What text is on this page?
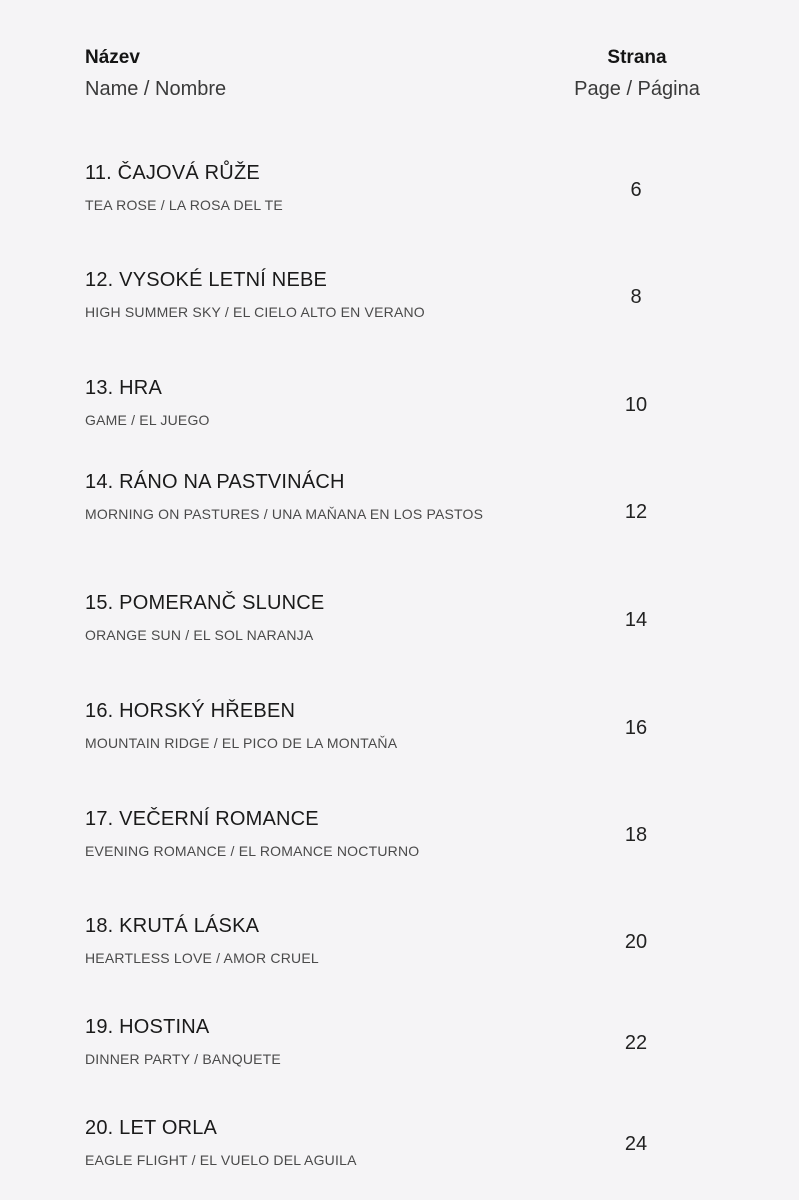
Název
Name / Nombre
Strana
Page / Página
11. ČAJOVÁ RŮŽE
TEA ROSE / LA ROSA DEL TE
6
12. VYSOKÉ LETNÍ NEBE
HIGH SUMMER SKY / EL CIELO ALTO EN VERANO
8
13. HRA
GAME / EL JUEGO
10
14. RÁNO NA PASTVINÁCH
MORNING ON PASTURES / UNA MAŇANA EN LOS PASTOS	12
15. POMERANČ SLUNCE
ORANGE SUN / EL SOL NARANJA
14
16. HORSKÝ HŘEBEN
MOUNTAIN RIDGE / EL PICO DE LA MONTAŇA
16
17. VEČERNÍ ROMANCE
EVENING ROMANCE / EL ROMANCE NOCTURNO
18
18. KRUTÁ LÁSKA
HEARTLESS LOVE / AMOR CRUEL
20
19. HOSTINA
DINNER PARTY / BANQUETE
22
20. LET ORLA
EAGLE FLIGHT / EL VUELO DEL AGUILA
24
